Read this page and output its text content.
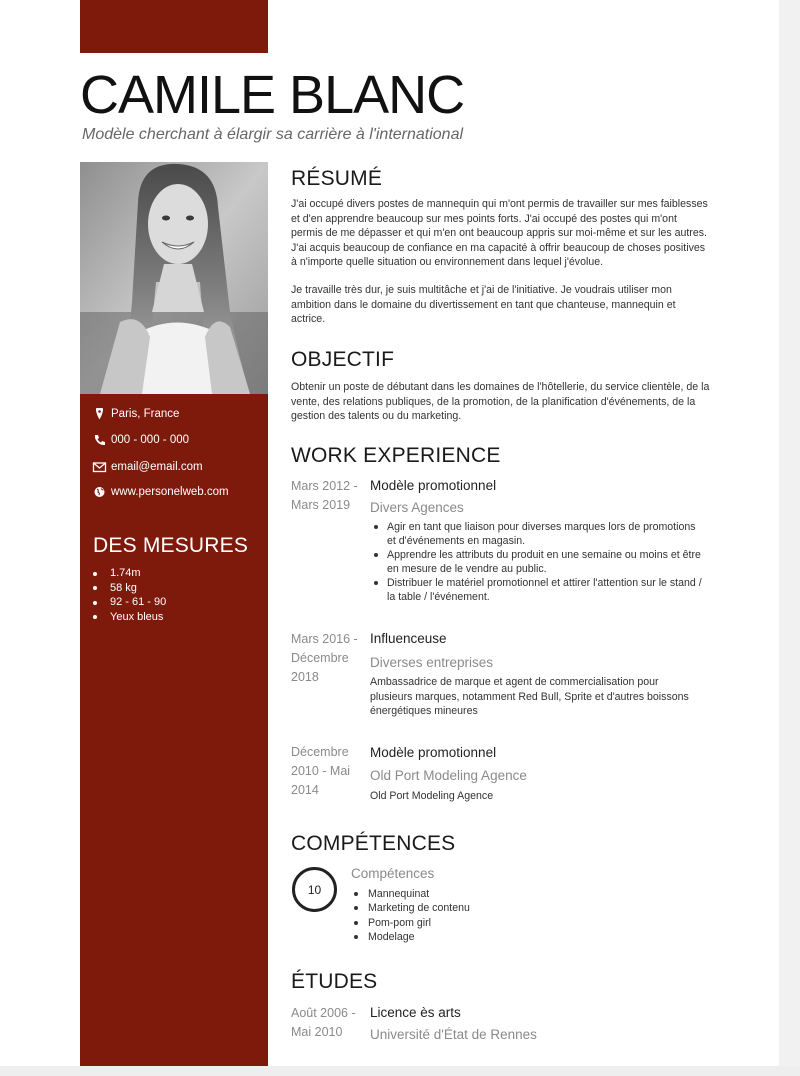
CAMILE BLANC
Modèle cherchant à élargir sa carrière à l'international
Paris, France
000 - 000 - 000
email@email.com
www.personelweb.com
DES MESURES
1.74m
58 kg
92 - 61 - 90
Yeux bleus
RÉSUMÉ

J'ai occupé divers postes de mannequin qui m'ont permis de travailler sur mes faiblesses et d'en apprendre beaucoup sur mes points forts. J'ai occupé des postes qui m'ont permis de me dépasser et qui m'en ont beaucoup appris sur moi-même et sur les autres. J'ai acquis beaucoup de confiance en ma capacité à offrir beaucoup de choses positives à n'importe quelle situation ou environnement dans lequel j'évolue.

Je travaille très dur, je suis multitâche et j'ai de l'initiative. Je voudrais utiliser mon ambition dans le domaine du divertissement en tant que chanteuse, mannequin et actrice.

OBJECTIF

Obtenir un poste de débutant dans les domaines de l'hôtellerie, du service clientèle, de la vente, des relations publiques, de la promotion, de la planification d'événements, de la gestion des talents ou du marketing.

WORK EXPERIENCE
Mars 2012 - Mars 2019
Modèle promotionnel
Divers Agences
Agir en tant que liaison pour diverses marques lors de promotions et d'événements en magasin.
Apprendre les attributs du produit en une semaine ou moins et être en mesure de le vendre au public.
Distribuer le matériel promotionnel et attirer l'attention sur le stand / la table / l'événement.
Mars 2016 - Décembre 2018
Influenceuse
Diverses entreprises

Ambassadrice de marque et agent de commercialisation pour plusieurs marques, notamment Red Bull, Sprite et d'autres boissons énergétiques mineures

Décembre 2010 - Mai 2014
Modèle promotionnel
Old Port Modeling Agence

Old Port Modeling Agence

COMPÉTENCES
10
Compétences
Mannequinat
Marketing de contenu
Pom-pom girl
Modelage
ÉTUDES
Août 2006 - Mai 2010
Licence ès arts
Université d'État de Rennes
